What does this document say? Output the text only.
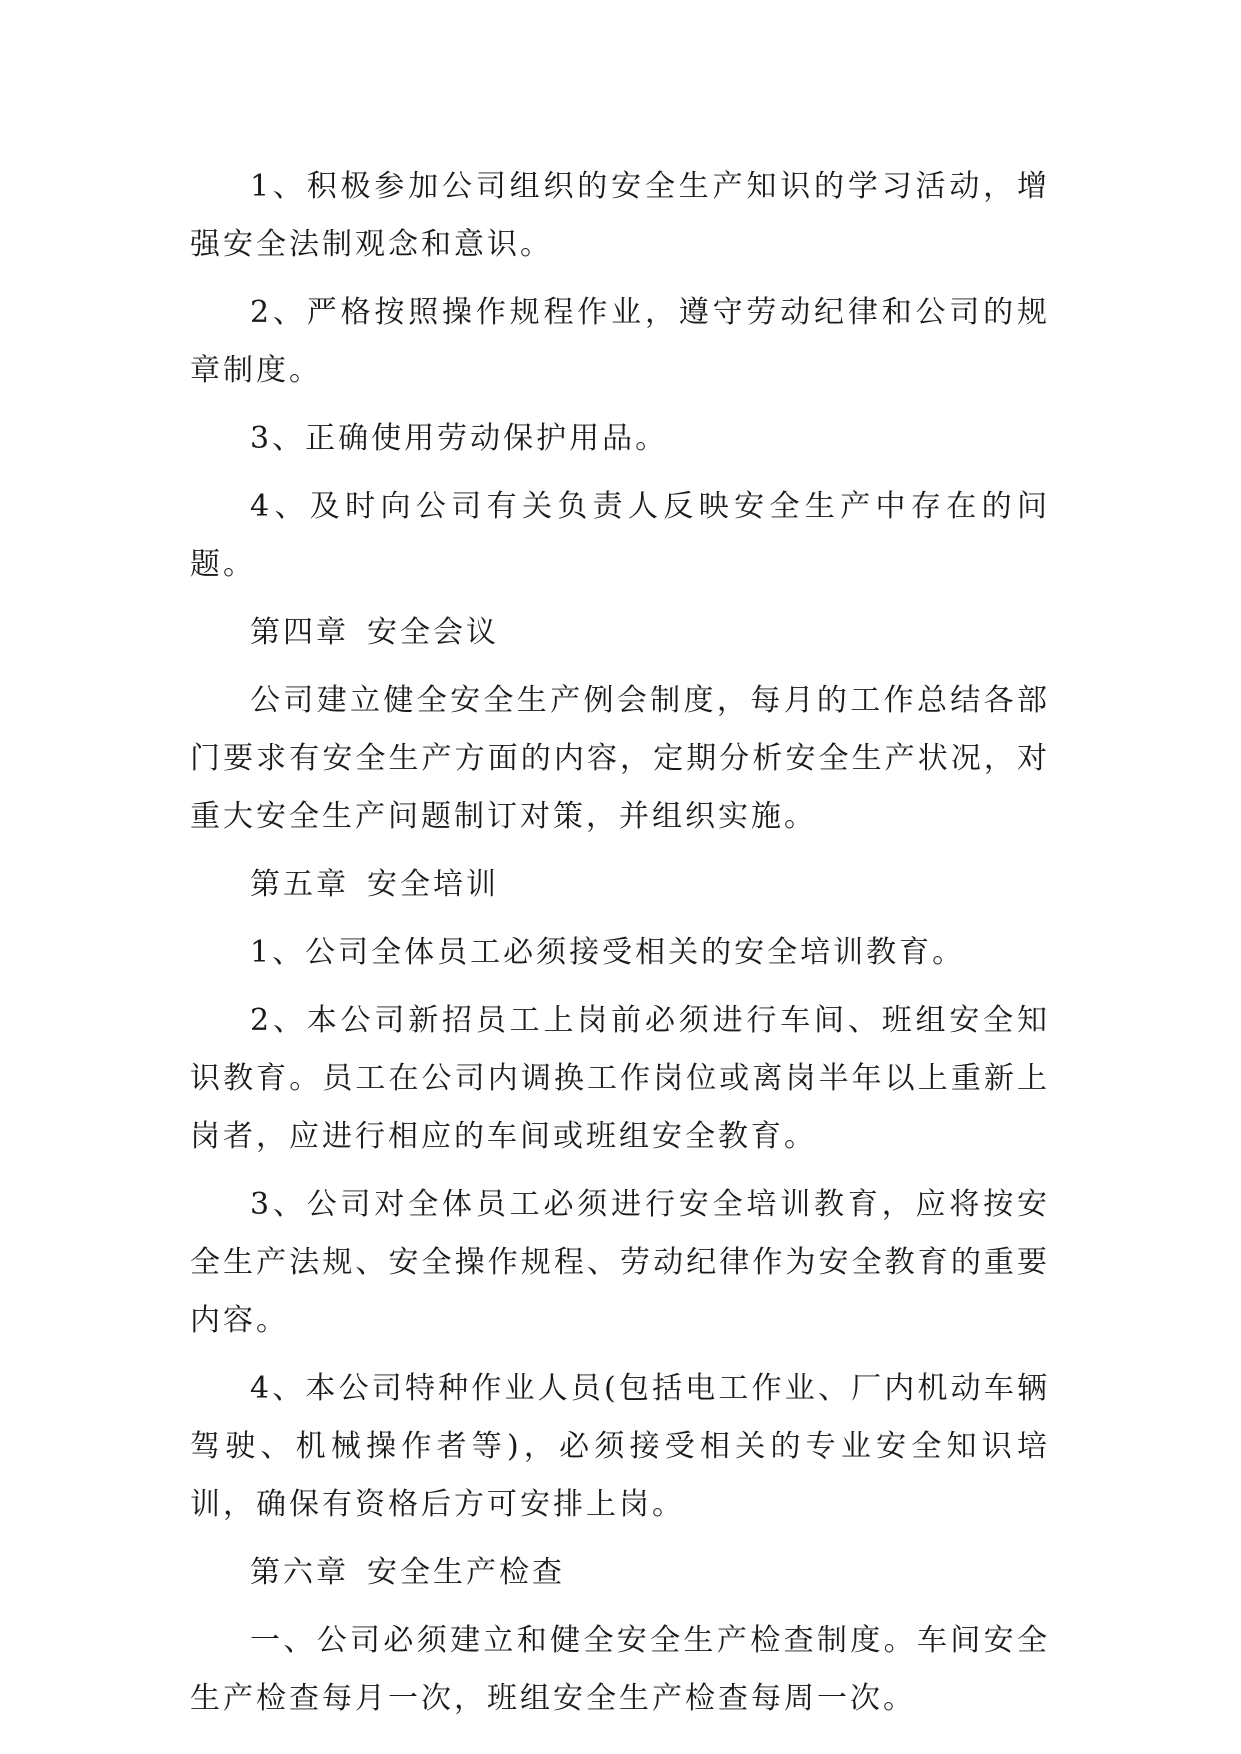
1、积极参加公司组织的安全生产知识的学习活动，增强安全法制观念和意识。

2、严格按照操作规程作业，遵守劳动纪律和公司的规章制度。

3、正确使用劳动保护用品。

4、及时向公司有关负责人反映安全生产中存在的问题。

第四章 安全会议

公司建立健全安全生产例会制度，每月的工作总结各部门要求有安全生产方面的内容，定期分析安全生产状况，对重大安全生产问题制订对策，并组织实施。

第五章 安全培训

1、公司全体员工必须接受相关的安全培训教育。

2、本公司新招员工上岗前必须进行车间、班组安全知识教育。员工在公司内调换工作岗位或离岗半年以上重新上岗者，应进行相应的车间或班组安全教育。

3、公司对全体员工必须进行安全培训教育，应将按安全生产法规、安全操作规程、劳动纪律作为安全教育的重要内容。

4、本公司特种作业人员(包括电工作业、厂内机动车辆驾驶、机械操作者等)，必须接受相关的专业安全知识培训，确保有资格后方可安排上岗。

第六章 安全生产检查

一、公司必须建立和健全安全生产检查制度。车间安全生产检查每月一次，班组安全生产检查每周一次。
